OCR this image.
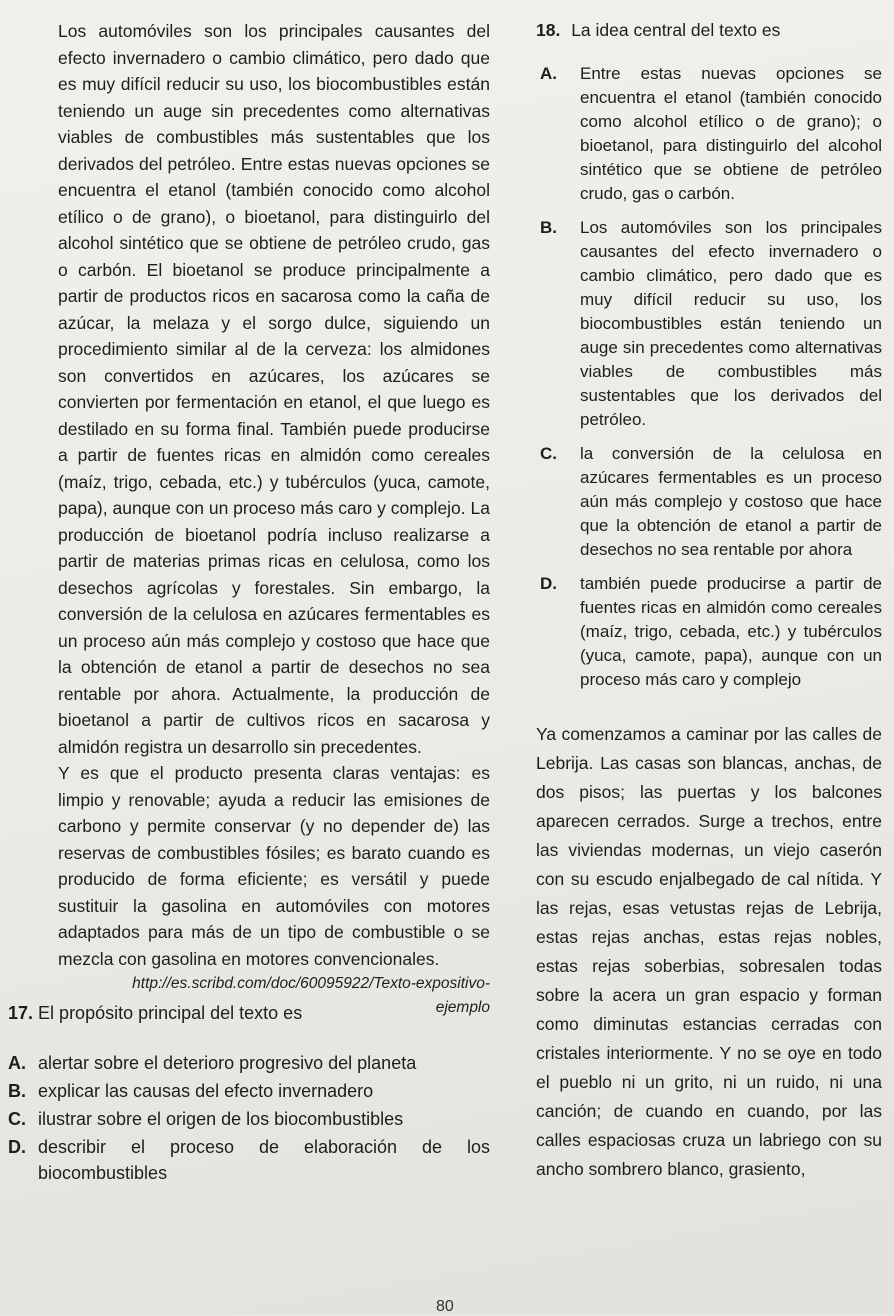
Los automóviles son los principales causantes del efecto invernadero o cambio climático, pero dado que es muy difícil reducir su uso, los biocombustibles están teniendo un auge sin precedentes como alternativas viables de combustibles más sustentables que los derivados del petróleo. Entre estas nuevas opciones se encuentra el etanol (también conocido como alcohol etílico o de grano), o bioetanol, para distinguirlo del alcohol sintético que se obtiene de petróleo crudo, gas o carbón. El bioetanol se produce principalmente a partir de productos ricos en sacarosa como la caña de azúcar, la melaza y el sorgo dulce, siguiendo un procedimiento similar al de la cerveza: los almidones son convertidos en azúcares, los azúcares se convierten por fermentación en etanol, el que luego es destilado en su forma final. También puede producirse a partir de fuentes ricas en almidón como cereales (maíz, trigo, cebada, etc.) y tubérculos (yuca, camote, papa), aunque con un proceso más caro y complejo. La producción de bioetanol podría incluso realizarse a partir de materias primas ricas en celulosa, como los desechos agrícolas y forestales. Sin embargo, la conversión de la celulosa en azúcares fermentables es un proceso aún más complejo y costoso que hace que la obtención de etanol a partir de desechos no sea rentable por ahora. Actualmente, la producción de bioetanol a partir de cultivos ricos en sacarosa y almidón registra un desarrollo sin precedentes.

Y es que el producto presenta claras ventajas: es limpio y renovable; ayuda a reducir las emisiones de carbono y permite conservar (y no depender de) las reservas de combustibles fósiles; es barato cuando es producido de forma eficiente; es versátil y puede sustituir la gasolina en automóviles con motores adaptados para más de un tipo de combustible o se mezcla con gasolina en motores convencionales.

http://es.scribd.com/doc/60095922/Texto-expositivo-ejemplo

17. El propósito principal del texto es
A. alertar sobre el deterioro progresivo del planeta
B. explicar las causas del efecto invernadero
C. ilustrar sobre el origen de los biocombustibles
D. describir el proceso de elaboración de los biocombustibles
18. La idea central del texto es
A.	Entre estas nuevas opciones se encuentra el etanol (también conocido como alcohol etílico o de grano); o bioetanol, para distinguirlo del alcohol sintético que se obtiene de petróleo crudo, gas o carbón.
B.	Los automóviles son los principales causantes del efecto invernadero o cambio climático, pero dado que es muy difícil reducir su uso, los biocombustibles están teniendo un auge sin precedentes como alternativas viables de combustibles más sustentables que los derivados del petróleo.
C.	la conversión de la celulosa en azúcares fermentables es un proceso aún más complejo y costoso que hace que la obtención de etanol a partir de desechos no sea rentable por ahora
D.	también puede producirse a partir de fuentes ricas en almidón como cereales (maíz, trigo, cebada, etc.) y tubérculos (yuca, camote, papa), aunque con un proceso más caro y complejo

Ya comenzamos a caminar por las calles de Lebrija. Las casas son blancas, anchas, de dos pisos; las puertas y los balcones aparecen cerrados. Surge a trechos, entre las viviendas modernas, un viejo caserón con su escudo enjalbegado de cal nítida. Y las rejas, esas vetustas rejas de Lebrija, estas rejas anchas, estas rejas nobles, estas rejas soberbias, sobresalen todas sobre la acera un gran espacio y forman como diminutas estancias cerradas con cristales interiormente. Y no se oye en todo el pueblo ni un grito, ni un ruido, ni una canción; de cuando en cuando, por las calles espaciosas cruza un labriego con su ancho sombrero blanco, grasiento,

80
